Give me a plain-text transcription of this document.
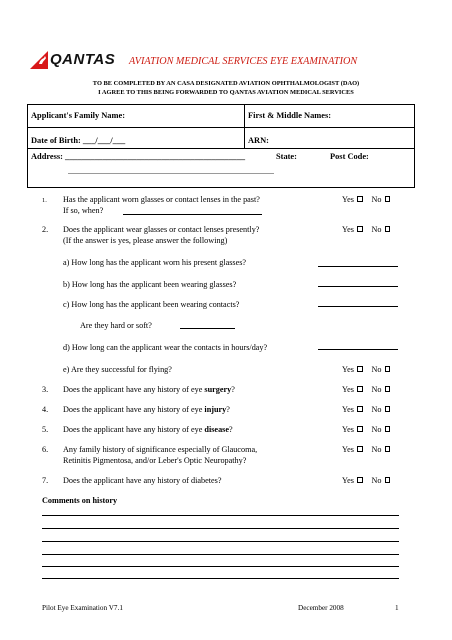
QANTAS AVIATION MEDICAL SERVICES EYE EXAMINATION
TO BE COMPLETED BY AN CASA DESIGNATED AVIATION OPHTHALMOLOGIST (DAO)
I AGREE TO THIS BEING FORWARDED TO QANTAS AVIATION MEDICAL SERVICES
Applicant's Family Name:	First & Middle Names:
Date of Birth: ___/___/___	ARN:
Address: ___________________________________________	State:	Post Code:
1. Has the applicant worn glasses or contact lenses in the past?
If so, when?
Yes No
2. Does the applicant wear glasses or contact lenses presently?
(If the answer is yes, please answer the following)
Yes No
a) How long has the applicant worn his present glasses?
b) How long has the applicant been wearing glasses?
c) How long has the applicant been wearing contacts?
Are they hard or soft?
d) How long can the applicant wear the contacts in hours/day?
e) Are they successful for flying?	Yes No
3. Does the applicant have any history of eye surgery?	Yes No
4. Does the applicant have any history of eye injury?	Yes No
5. Does the applicant have any history of eye disease?	Yes No
6. Any family history of significance especially of Glaucoma,
Retinitis Pigmentosa, and/or Leber's Optic Neuropathy?
Yes No
7. Does the applicant have any history of diabetes?	Yes No
Comments on history
Pilot Eye Examination V7.1	December 2008	1
